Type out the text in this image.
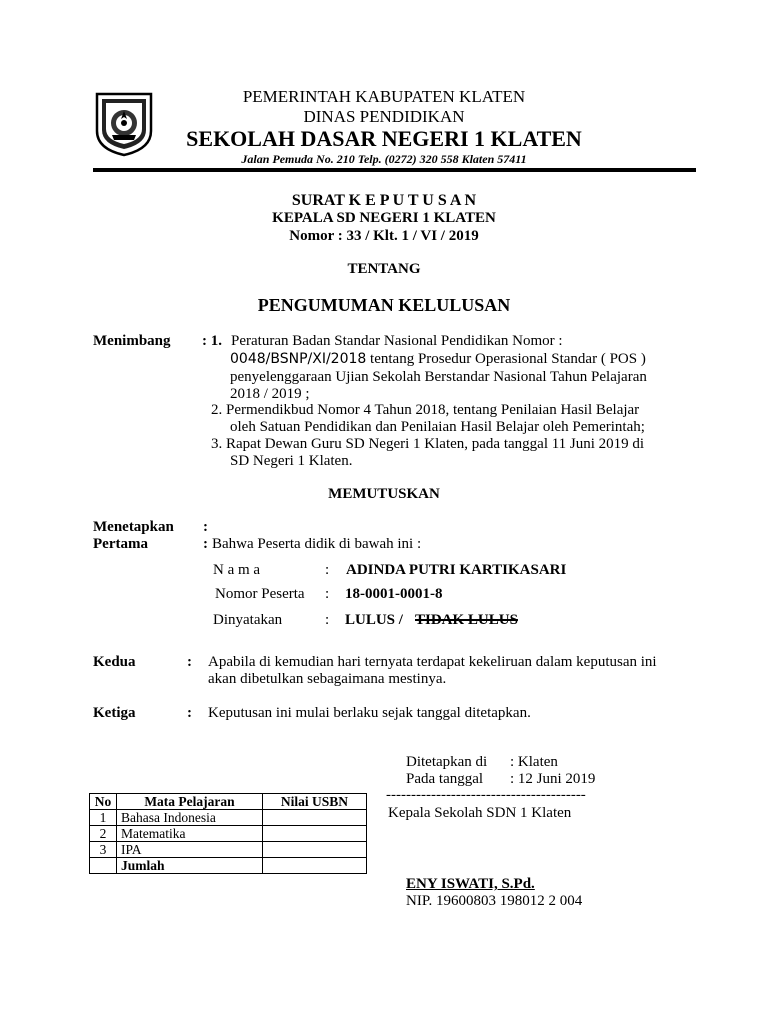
PEMERINTAH KABUPATEN KLATEN
DINAS PENDIDIKAN
SEKOLAH DASAR NEGERI 1 KLATEN
Jalan Pemuda No. 210 Telp. (0272) 320 558 Klaten 57411
SURAT K E P U T U S A N
KEPALA SD NEGERI 1 KLATEN
Nomor : 33 / Klt. 1 / VI / 2019
TENTANG
PENGUMUMAN KELULUSAN
Menimbang : 1. Peraturan Badan Standar Nasional Pendidikan Nomor :
0048/BSNP/XI/2018 tentang Prosedur Operasional Standar ( POS )
penyelenggaraan Ujian Sekolah Berstandar Nasional Tahun Pelajaran
2018 / 2019 ;
2. Permendikbud Nomor 4 Tahun 2018, tentang Penilaian Hasil Belajar
oleh Satuan Pendidikan dan Penilaian Hasil Belajar oleh Pemerintah;
3. Rapat Dewan Guru SD Negeri 1 Klaten, pada tanggal 11 Juni 2019 di
SD Negeri 1 Klaten.
MEMUTUSKAN
Menetapkan :
Pertama	: Bahwa Peserta didik di bawah ini :
N a m a	: ADINDA PUTRI KARTIKASARI
Nomor Peserta : 18-0001-0001-8
Dinyatakan	: LULUS / TIDAK LULUS
Kedua	: Apabila di kemudian hari ternyata terdapat kekeliruan dalam keputusan ini
akan dibetulkan sebagaimana mestinya.
Ketiga	: Keputusan ini mulai berlaku sejak tanggal ditetapkan.
Ditetapkan di : Klaten
Pada tanggal : 12 Juni 2019
----------------------------------------
Kepala Sekolah SDN 1 Klaten
ENY ISWATI, S.Pd.
NIP. 19600803 198012 2 004
No	Mata Pelajaran	Nilai USBN
1	Bahasa Indonesia	
2	Matematika	
3	IPA	
	Jumlah	
